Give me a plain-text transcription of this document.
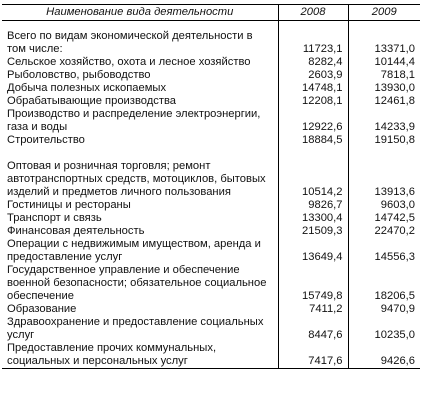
Наименование вида деятельности	2008	2009
Всего по видам экономической деятельности в том числе:	11723,1	13371,0
Сельское хозяйство, охота и лесное хозяйство	8282,4	10144,4
Рыболовство, рыбоводство	2603,9	7818,1
Добыча полезных ископаемых	14748,1	13930,0
Обрабатывающие производства	12208,1	12461,8
Производство и распределение электроэнергии, газа и воды	12922,6	14233,9
Строительство	18884,5	19150,8
Оптовая и розничная торговля; ремонт автотранспортных средств, мотоциклов, бытовых изделий и предметов личного пользования	10514,2	13913,6
Гостиницы и рестораны	9826,7	9603,0
Транспорт и связь	13300,4	14742,5
Финансовая деятельность	21509,3	22470,2
Операции с недвижимым имуществом, аренда и предоставление услуг	13649,4	14556,3
Государственное управление и обеспечение военной безопасности; обязательное социальное обеспечение	15749,8	18206,5
Образование	7411,2	9470,9
Здравоохранение и предоставление социальных услуг	8447,6	10235,0
Предоставление прочих коммунальных, социальных и персональных услуг	7417,6	9426,6
